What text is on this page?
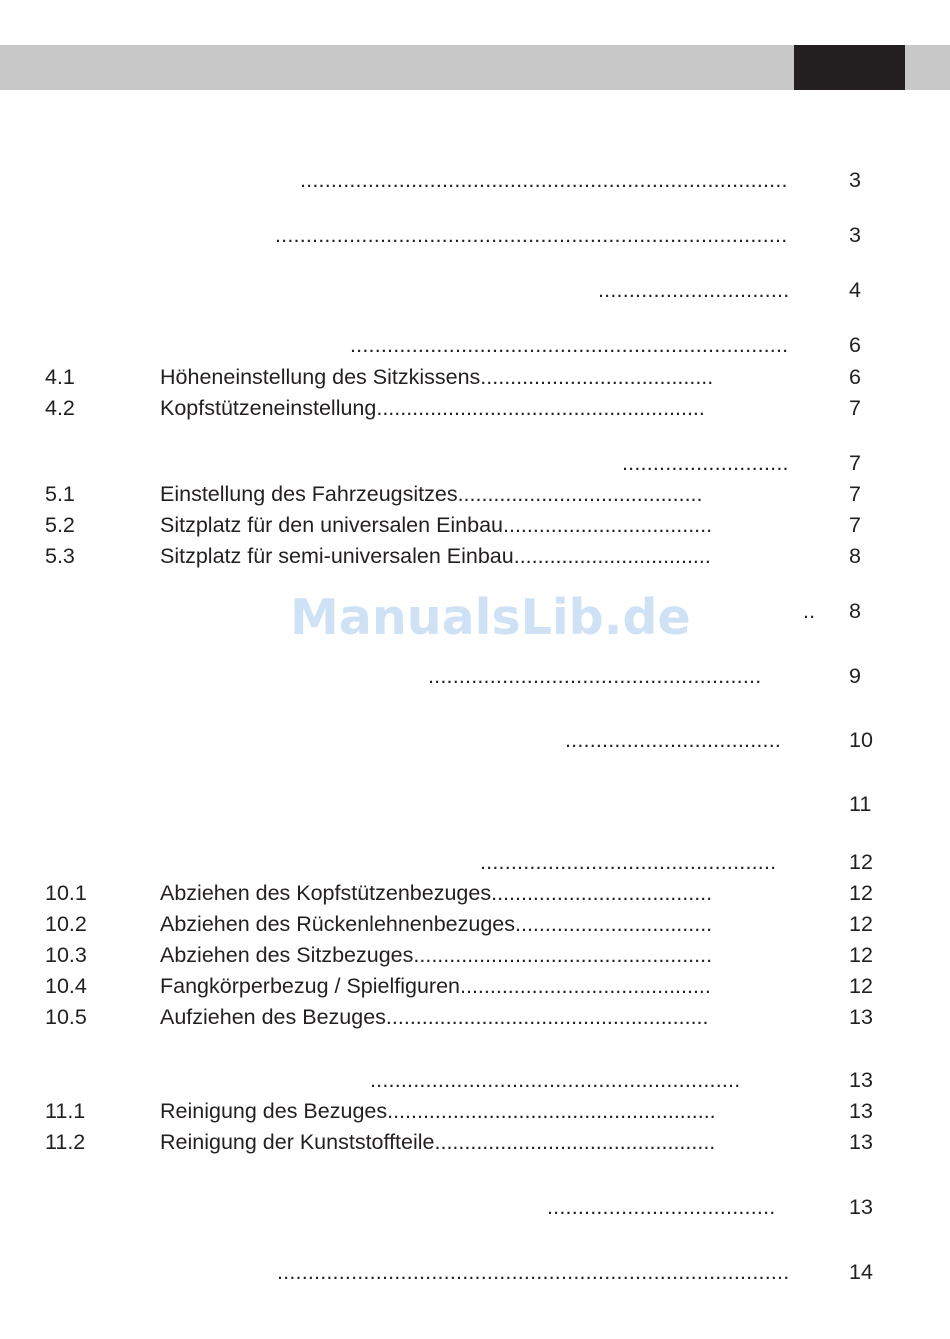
ManualsLib.de
...............................................................................	3
...................................................................................	3
...............................	4
.......................................................................	6
4.1	Höheneinstellung des Sitzkissens.......................................	6
4.2	Kopfstützeneinstellung.......................................................	7
...........................	7
5.1	Einstellung des Fahrzeugsitzes.........................................	7
5.2	Sitzplatz für den universalen Einbau...................................	7
5.3	Sitzplatz für semi-universalen Einbau.................................	8
.. 8
......................................................	9
...................................	10
11
................................................	12
10.1	Abziehen des Kopfstützenbezuges.....................................	12
10.2	Abziehen des Rückenlehnenbezuges.................................	12
10.3	Abziehen des Sitzbezuges..................................................	12
10.4	Fangkörperbezug / Spielfiguren..........................................	12
10.5	Aufziehen des Bezuges......................................................	13
............................................................	13
11.1	Reinigung des Bezuges.......................................................	13
11.2	Reinigung der Kunststoffteile...............................................	13
.....................................	13
...................................................................................	14
